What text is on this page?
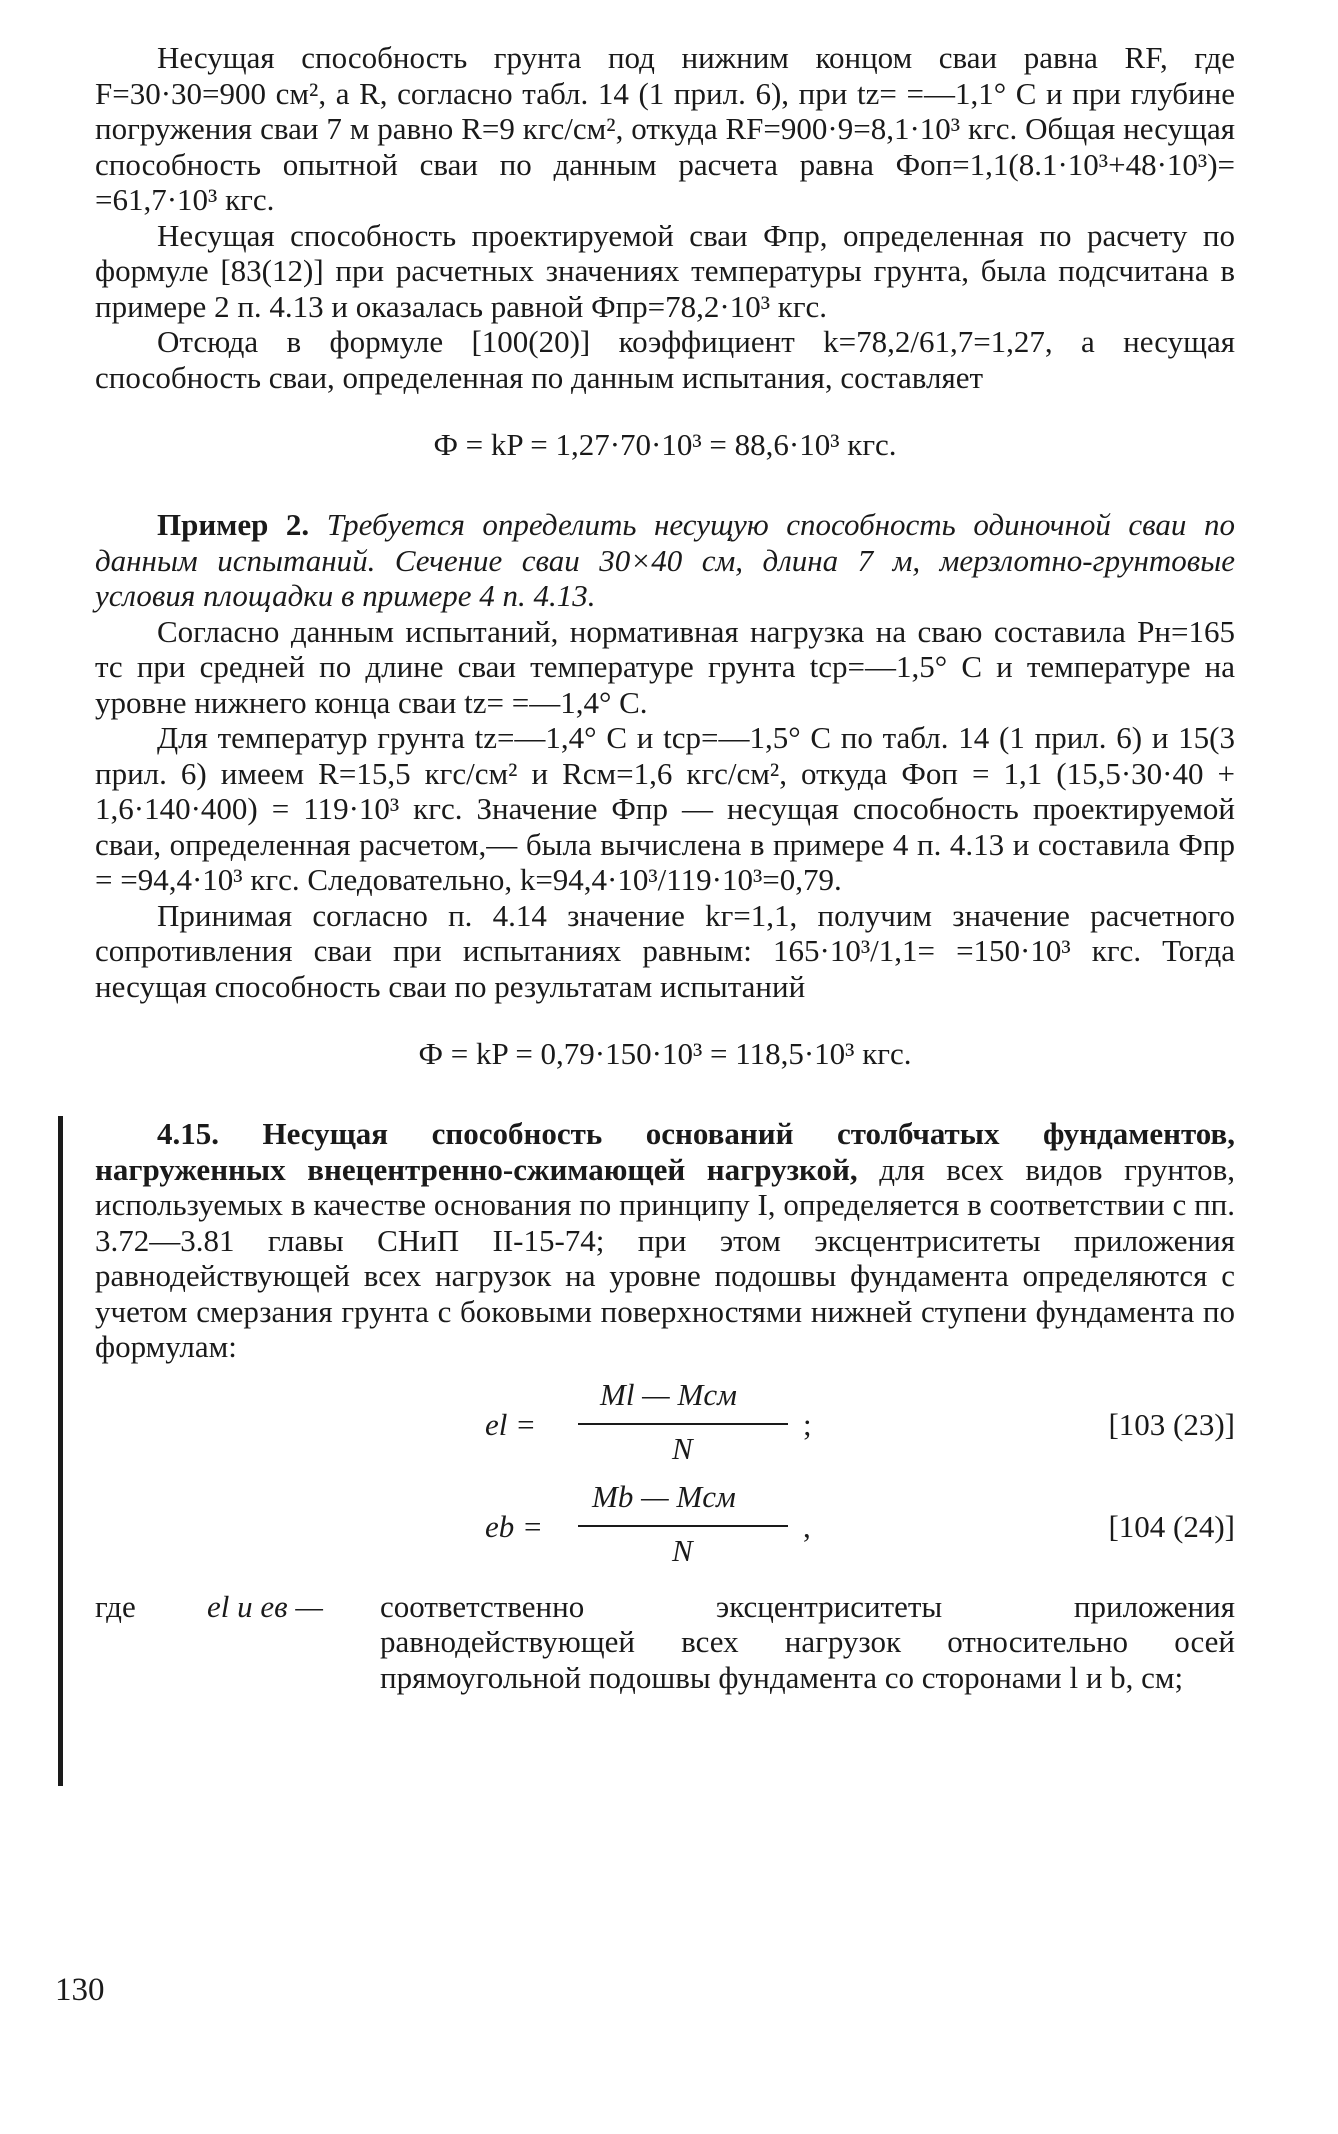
Несущая способность грунта под нижним концом сваи равна RF, где F=30·30=900 см², а R, согласно табл. 14 (1 прил. 6), при tz= =—1,1° С и при глубине погружения сваи 7 м равно R=9 кгс/см², откуда RF=900·9=8,1·10³ кгс. Общая несущая способность опытной сваи по данным расчета равна Фоп=1,1(8.1·10³+48·10³)= =61,7·10³ кгс.

Несущая способность проектируемой сваи Фпр, определенная по расчету по формуле [83(12)] при расчетных значениях температуры грунта, была подсчитана в примере 2 п. 4.13 и оказалась равной Фпр=78,2·10³ кгс.

Отсюда в формуле [100(20)] коэффициент k=78,2/61,7=1,27, а несущая способность сваи, определенная по данным испытания, составляет

Ф = kP = 1,27·70·10³ = 88,6·10³ кгс.

Пример 2. Требуется определить несущую способность одиночной сваи по данным испытаний. Сечение сваи 30×40 см, длина 7 м, мерзлотно-грунтовые условия площадки в примере 4 п. 4.13.

Согласно данным испытаний, нормативная нагрузка на сваю составила Pн=165 тс при средней по длине сваи температуре грунта tср=—1,5° С и температуре на уровне нижнего конца сваи tz= =—1,4° С.

Для температур грунта tz=—1,4° С и tср=—1,5° С по табл. 14 (1 прил. 6) и 15(3 прил. 6) имеем R=15,5 кгс/см² и Rсм=1,6 кгс/см², откуда Фоп = 1,1 (15,5·30·40 + 1,6·140·400) = 119·10³ кгс. Значение Фпр — несущая способность проектируемой сваи, определенная расчетом,— была вычислена в примере 4 п. 4.13 и составила Фпр = =94,4·10³ кгс. Следовательно, k=94,4·10³/119·10³=0,79.

Принимая согласно п. 4.14 значение kг=1,1, получим значение расчетного сопротивления сваи при испытаниях равным: 165·10³/1,1= =150·10³ кгс. Тогда несущая способность сваи по результатам испытаний

Ф = kP = 0,79·150·10³ = 118,5·10³ кгс.

4.15. Несущая способность оснований столбчатых фундаментов, нагруженных внецентренно-сжимающей нагрузкой, для всех видов грунтов, используемых в качестве основания по принципу I, определяется в соответствии с пп. 3.72—3.81 главы СНиП II-15-74; при этом эксцентриситеты приложения равнодействующей всех нагрузок на уровне подошвы фундамента определяются с учетом смерзания грунта с боковыми поверхностями нижней ступени фундамента по формулам:

el =
Ml — Mсм
N
;	[103 (23)]
eb =
Mb — Mсм
N
,	[104 (24)]
где el и eв — соответственно эксцентриситеты приложения равнодействующей всех нагрузок относительно осей прямоугольной подошвы фундамента со сторонами l и b, см;
130
